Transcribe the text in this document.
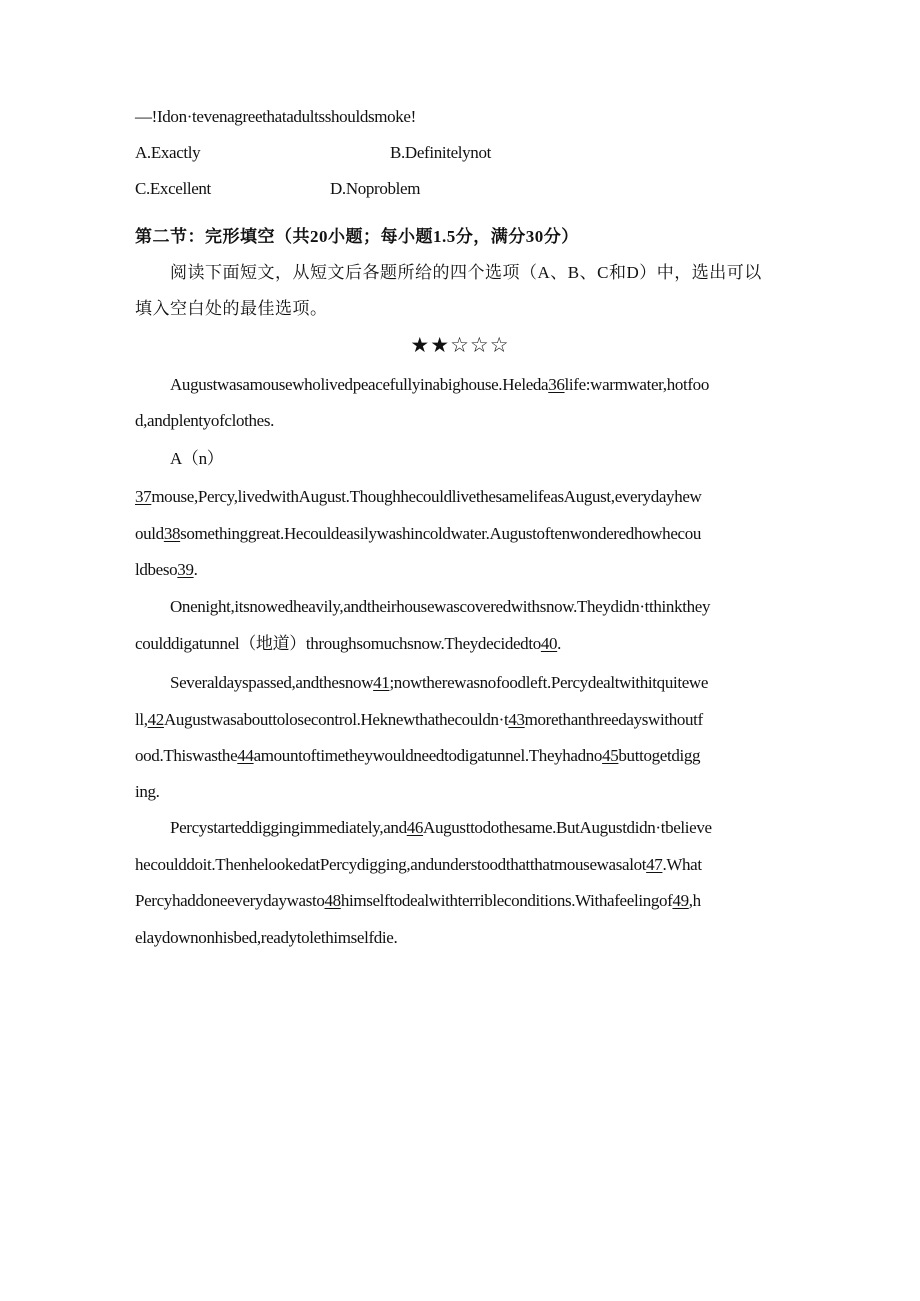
—!Idon·tevenagreethatadultsshouldsmoke!
A.Exactly	B.Definitelynot
C.Excellent	D.Noproblem
第二节：完形填空（共20小题；每小题1.5分，满分30分）
阅读下面短文，从短文后各题所给的四个选项（A、B、C和D）中，选出可以
填入空白处的最佳选项。
★★☆☆☆
Augustwasamousewholivedpeacefullyinabighouse.Heleda36life:warmwater,hotfoo
d,andplentyofclothes.
A（n）
37mouse,Percy,livedwithAugust.ThoughhecouldlivethesamelifeasAugust,everydayhew
ould38somethinggreat.Hecouldeasilywashincoldwater.Augustoftenwonderedhowhecou
ldbeso39.
Onenight,itsnowedheavily,andtheirhousewascoveredwithsnow.Theydidn·tthinkthey
coulddigatunnel（地道）throughsomuchsnow.Theydecidedto40.
Severaldayspassed,andthesnow41;nowtherewasnofoodleft.Percydealtwithitquitewe
ll,42Augustwasabouttolosecontrol.Heknewthathecouldn·t43morethanthreedayswithoutf
ood.Thiswasthe44amountoftimetheywouldneedtodigatunnel.Theyhadno45buttogetdigg
ing.
Percystarteddiggingimmediately,and46Augusttodothesame.ButAugustdidn·tbelieve
hecoulddoit.ThenhelookedatPercydigging,andunderstoodthatthatmousewasalot47.What
Percyhaddoneeverydaywasto48himselftodealwithterribleconditions.Withafeelingof49,h
elaydownonhisbed,readytolethimselfdie.
